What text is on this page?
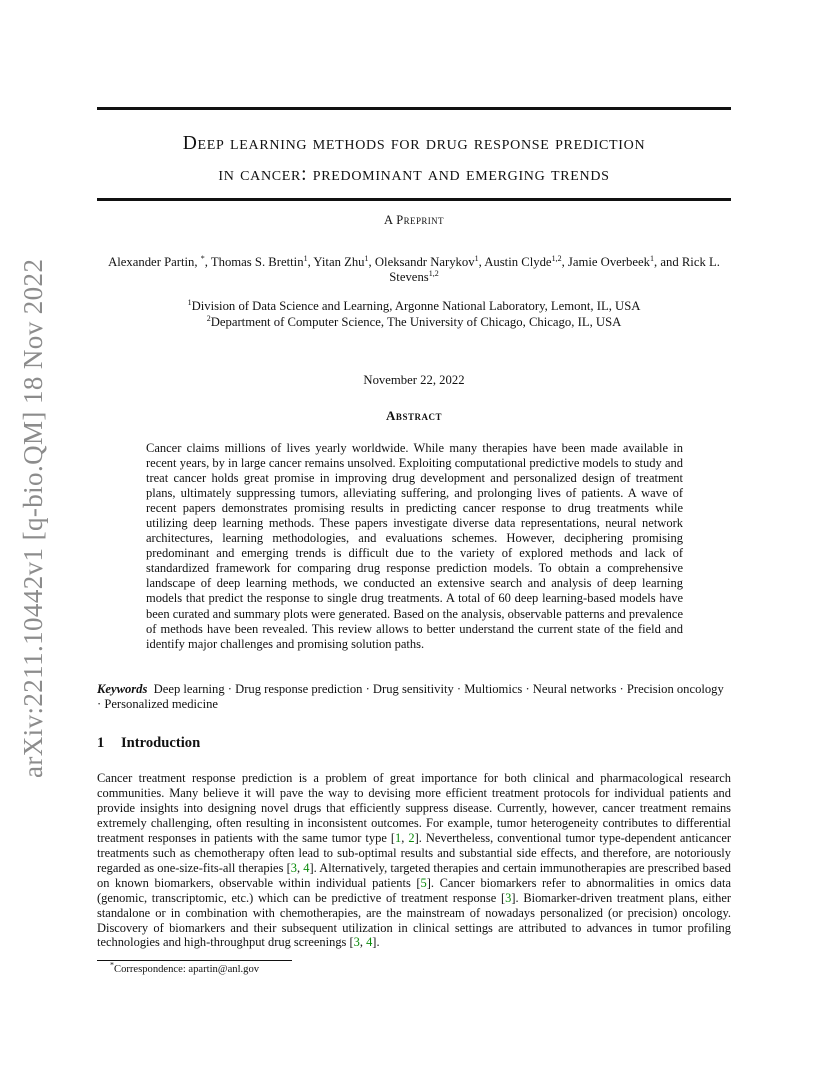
arXiv:2211.10442v1 [q-bio.QM] 18 Nov 2022
Deep learning methods for drug response prediction
in cancer: predominant and emerging trends
A Preprint
Alexander Partin, *, Thomas S. Brettin$^1$, Yitan Zhu$^1$, Oleksandr Narykov$^1$, Austin Clyde$^{1,2}$, Jamie Overbeek$^1$, and Rick L. Stevens$^{1,2}$
$^1$Division of Data Science and Learning, Argonne National Laboratory, Lemont, IL, USA
$^2$Department of Computer Science, The University of Chicago, Chicago, IL, USA
November 22, 2022
Abstract
Cancer claims millions of lives yearly worldwide. While many therapies have been made available in recent years, by in large cancer remains unsolved. Exploiting computational predictive models to study and treat cancer holds great promise in improving drug development and personalized design of treatment plans, ultimately suppressing tumors, alleviating suffering, and prolonging lives of patients. A wave of recent papers demonstrates promising results in predicting cancer response to drug treatments while utilizing deep learning methods. These papers investigate diverse data representations, neural network architectures, learning methodologies, and evaluations schemes. However, deciphering promising predominant and emerging trends is difficult due to the variety of explored methods and lack of standardized framework for comparing drug response prediction models. To obtain a comprehensive landscape of deep learning methods, we conducted an extensive search and analysis of deep learning models that predict the response to single drug treatments. A total of 60 deep learning-based models have been curated and summary plots were generated. Based on the analysis, observable patterns and prevalence of methods have been revealed. This review allows to better understand the current state of the field and identify major challenges and promising solution paths.
Keywords Deep learning · Drug response prediction · Drug sensitivity · Multiomics · Neural networks · Precision oncology · Personalized medicine
1 Introduction
Cancer treatment response prediction is a problem of great importance for both clinical and pharmacological research communities. Many believe it will pave the way to devising more efficient treatment protocols for individual patients and provide insights into designing novel drugs that efficiently suppress disease. Currently, however, cancer treatment remains extremely challenging, often resulting in inconsistent outcomes. For example, tumor heterogeneity contributes to differential treatment responses in patients with the same tumor type [1, 2]. Nevertheless, conventional tumor type-dependent anticancer treatments such as chemotherapy often lead to sub-optimal results and substantial side effects, and therefore, are notoriously regarded as one-size-fits-all therapies [3, 4]. Alternatively, targeted therapies and certain immunotherapies are prescribed based on known biomarkers, observable within individual patients [5]. Cancer biomarkers refer to abnormalities in omics data (genomic, transcriptomic, etc.) which can be predictive of treatment response [3]. Biomarker-driven treatment plans, either standalone or in combination with chemotherapies, are the mainstream of nowadays personalized (or precision) oncology. Discovery of biomarkers and their subsequent utilization in clinical settings are attributed to advances in tumor profiling technologies and high-throughput drug screenings [3, 4].
*Correspondence: apartin@anl.gov
